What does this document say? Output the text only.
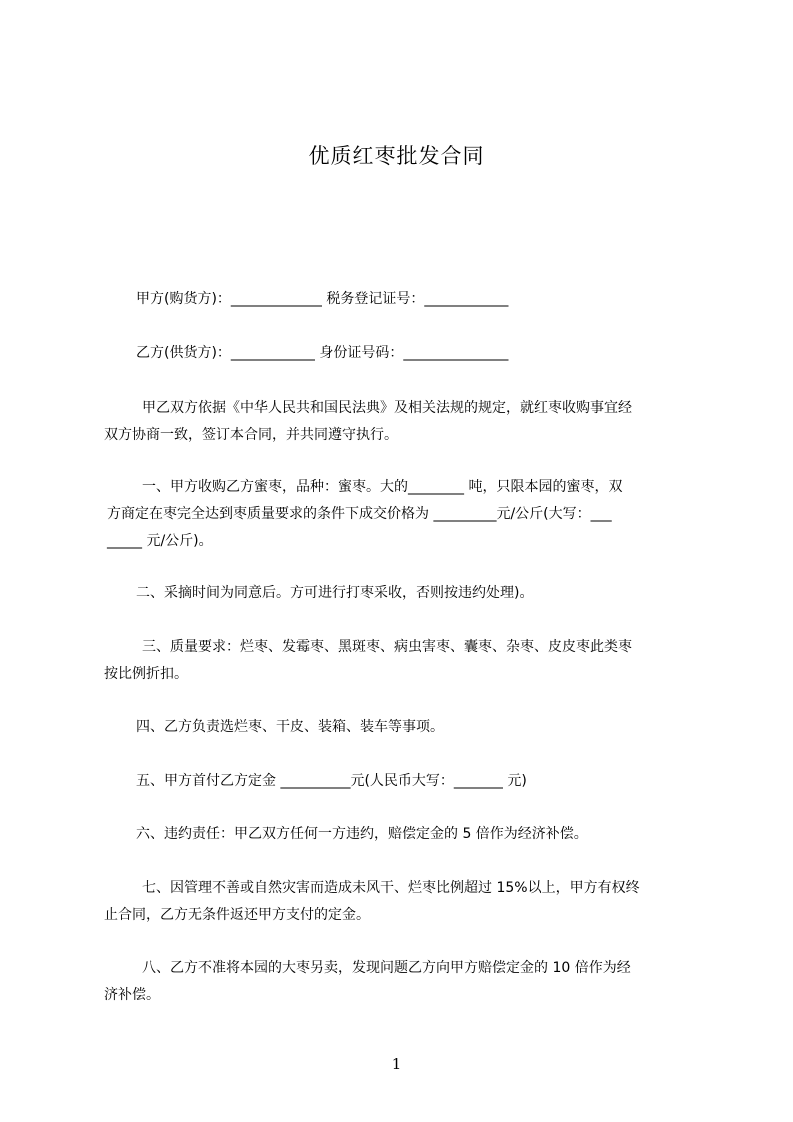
优质红枣批发合同
甲方(购货方)：_____________ 税务登记证号：____________
乙方(供货方)：____________ 身份证号码：_______________
甲乙双方依据《中华人民共和国民法典》及相关法规的规定，就红枣收购事宜经
双方协商一致，签订本合同，并共同遵守执行。
一、甲方收购乙方蜜枣，品种：蜜枣。大的________ 吨，只限本园的蜜枣，双
方商定在枣完全达到枣质量要求的条件下成交价格为 _________元/公斤(大写：___
_____ 元/公斤)。
二、采摘时间为同意后。方可进行打枣采收，否则按违约处理)。
三、质量要求：烂枣、发霉枣、黑斑枣、病虫害枣、囊枣、杂枣、皮皮枣此类枣
按比例折扣。
四、乙方负责选烂枣、干皮、装箱、装车等事项。
五、甲方首付乙方定金 __________元(人民币大写：_______ 元)
六、违约责任：甲乙双方任何一方违约，赔偿定金的 5 倍作为经济补偿。
七、因管理不善或自然灾害而造成未风干、烂枣比例超过 15%以上，甲方有权终
止合同，乙方无条件返还甲方支付的定金。
八、乙方不准将本园的大枣另卖，发现问题乙方向甲方赔偿定金的 10 倍作为经
济补偿。
1
